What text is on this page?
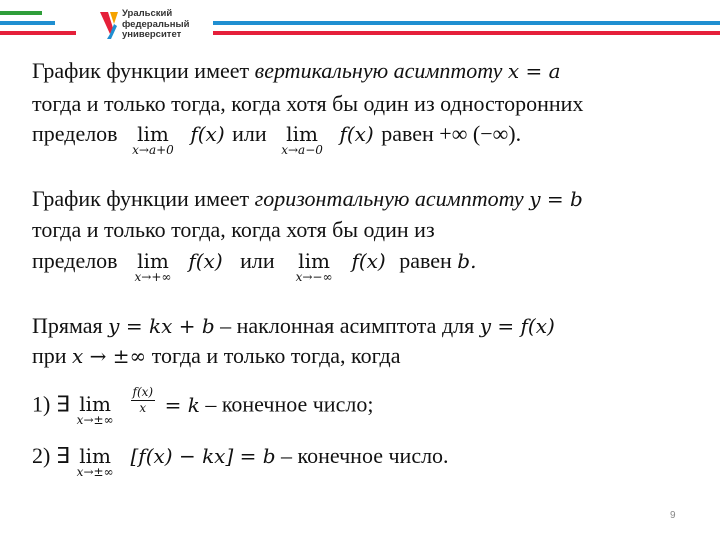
Уральский
федеральный
университет
График функции имеет вертикальную асимптоту x = a
тогда и только тогда, когда хотя бы один из односторонних
пределов lim
x→a+0
f(x) или lim
x→a−0
f(x) равен +∞ (−∞).
График функции имеет горизонтальную асимптоту y = b
тогда и только тогда, когда хотя бы один из
пределов lim
x→+∞
f(x) или lim
x→−∞
f(x) равен b.
Прямая y = kx + b – наклонная асимптота для y = f(x)
при x → ±∞ тогда и только тогда, когда
1) ∃ lim
x→±∞

$\frac{f(x)}{x} = k$ – конечное число;
2) ∃ lim
x→±∞
[f(x) − kx] = b – конечное число.
9
